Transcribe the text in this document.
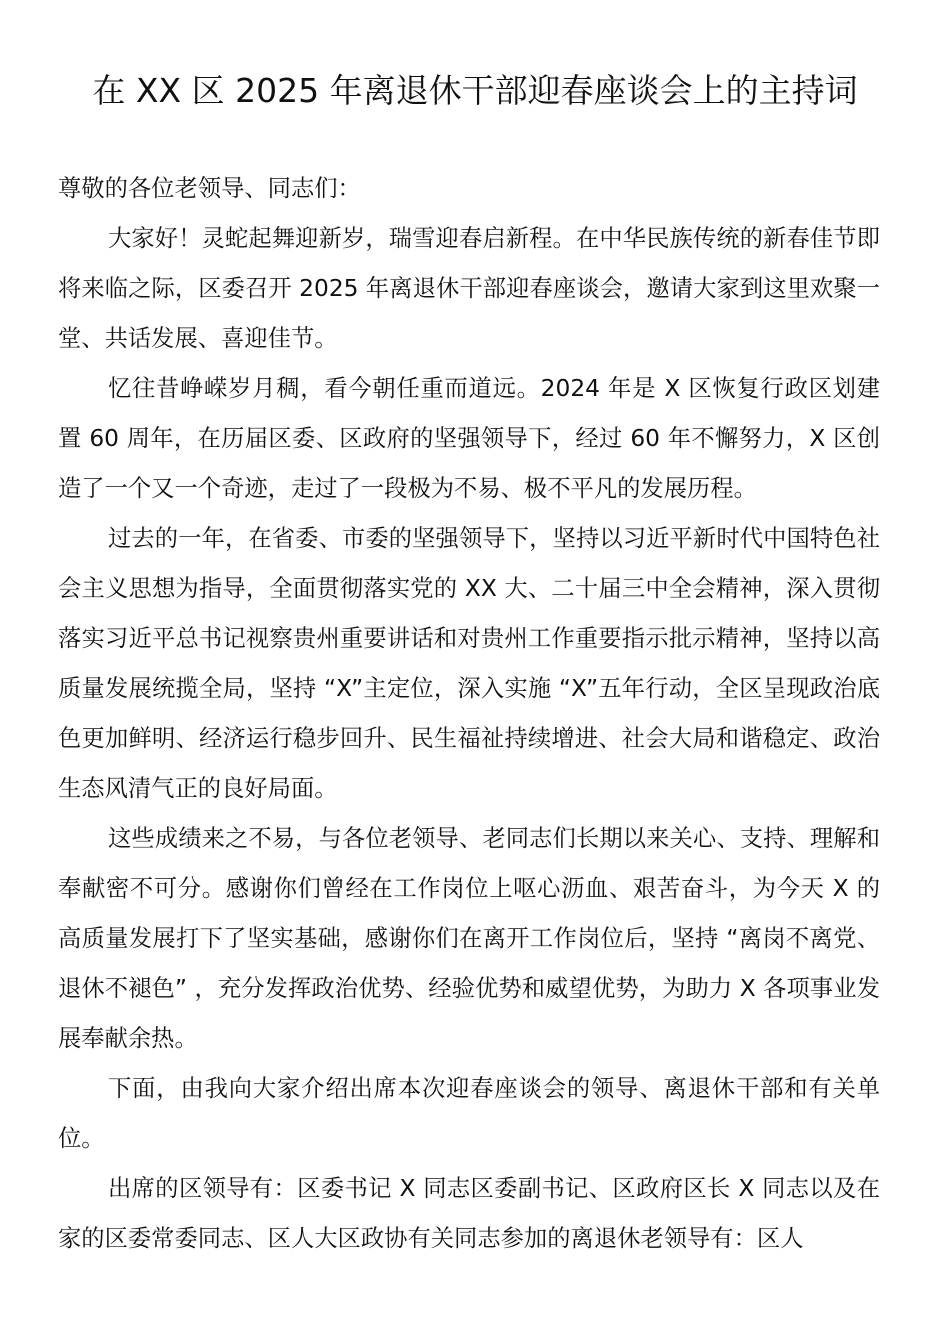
在 XX 区 2025 年离退休干部迎春座谈会上的主持词

尊敬的各位老领导、同志们：

大家好！灵蛇起舞迎新岁，瑞雪迎春启新程。在中华民族传统的新春佳节即将来临之际，区委召开 2025 年离退休干部迎春座谈会，邀请大家到这里欢聚一堂、共话发展、喜迎佳节。

忆往昔峥嵘岁月稠，看今朝任重而道远。2024 年是 X 区恢复行政区划建置 60 周年，在历届区委、区政府的坚强领导下，经过 60 年不懈努力，X 区创造了一个又一个奇迹，走过了一段极为不易、极不平凡的发展历程。

过去的一年，在省委、市委的坚强领导下，坚持以习近平新时代中国特色社会主义思想为指导，全面贯彻落实党的 XX 大、二十届三中全会精神，深入贯彻落实习近平总书记视察贵州重要讲话和对贵州工作重要指示批示精神，坚持以高质量发展统揽全局，坚持 “X”主定位，深入实施 “X”五年行动，全区呈现政治底色更加鲜明、经济运行稳步回升、民生福祉持续增进、社会大局和谐稳定、政治生态风清气正的良好局面。

这些成绩来之不易，与各位老领导、老同志们长期以来关心、支持、理解和奉献密不可分。感谢你们曾经在工作岗位上呕心沥血、艰苦奋斗，为今天 X 的高质量发展打下了坚实基础，感谢你们在离开工作岗位后，坚持 “离岗不离党、退休不褪色” ，充分发挥政治优势、经验优势和威望优势，为助力 X 各项事业发展奉献余热。

下面，由我向大家介绍出席本次迎春座谈会的领导、离退休干部和有关单位。

出席的区领导有：区委书记 X 同志区委副书记、区政府区长 X 同志以及在家的区委常委同志、区人大区政协有关同志参加的离退休老领导有：区人
